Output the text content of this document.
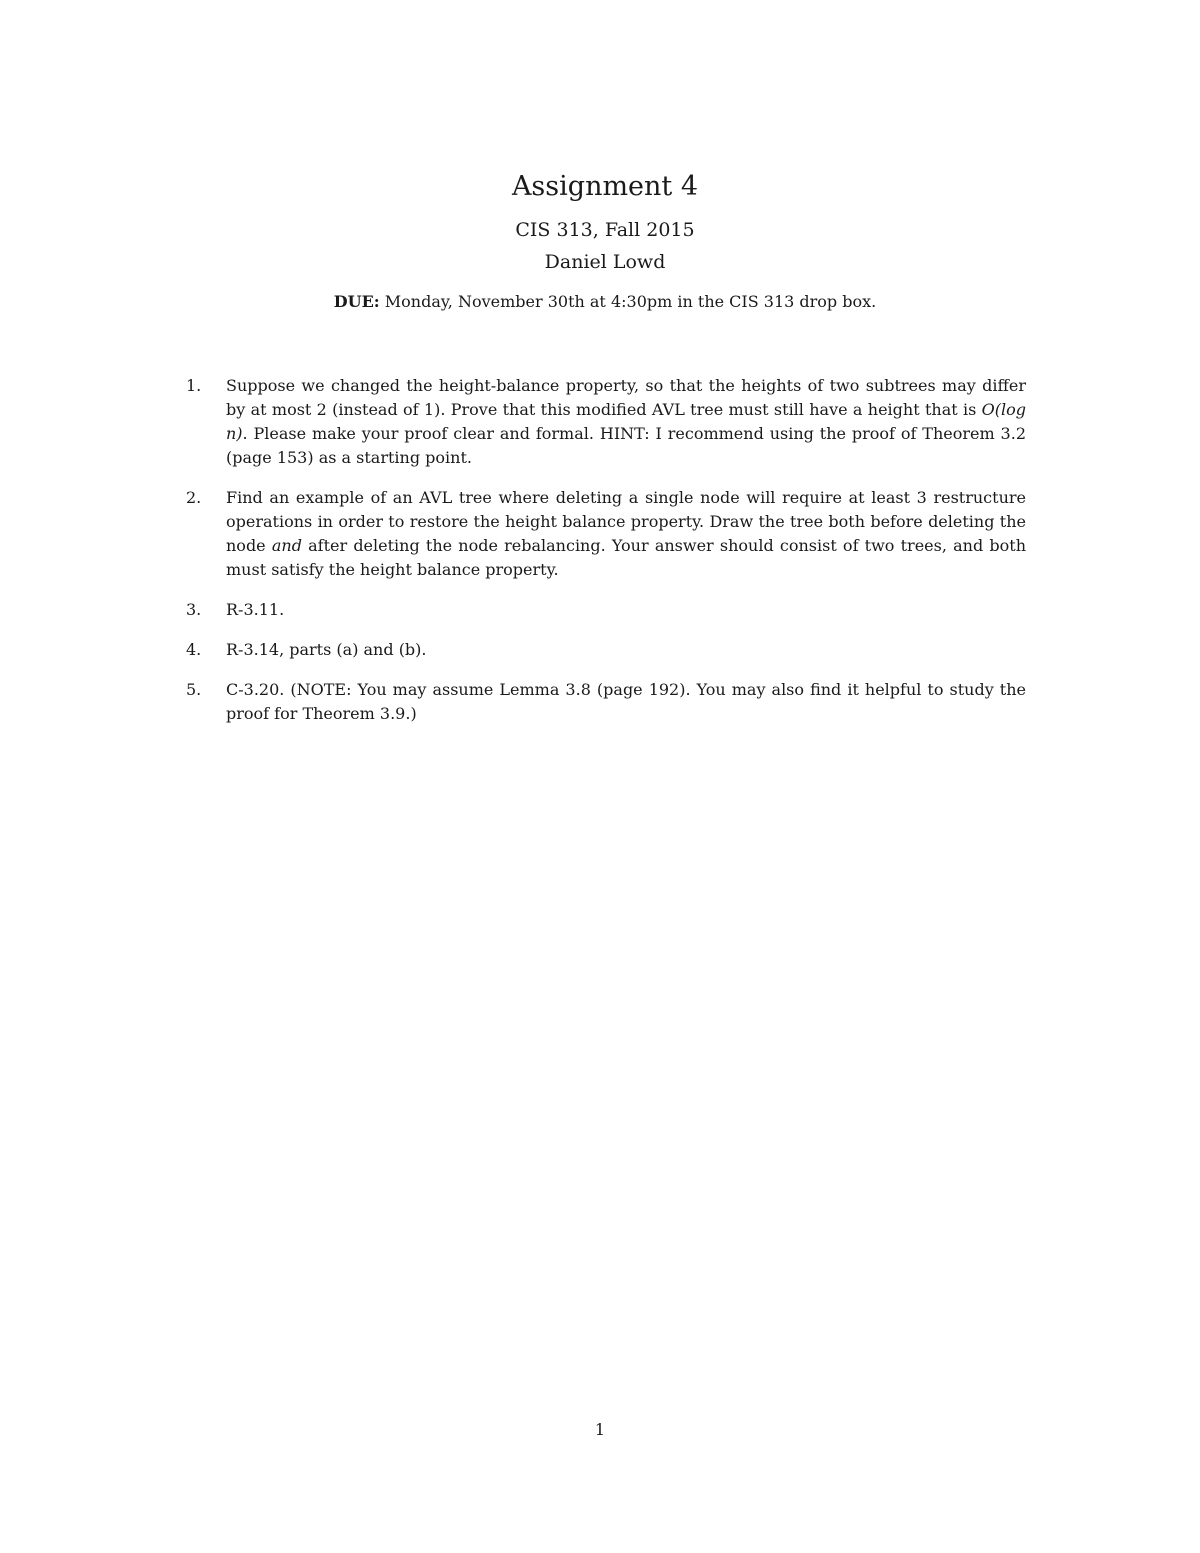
Assignment 4
CIS 313, Fall 2015
Daniel Lowd
DUE: Monday, November 30th at 4:30pm in the CIS 313 drop box.
1.	Suppose we changed the height-balance property, so that the heights of two subtrees may differ by at most 2 (instead of 1). Prove that this modified AVL tree must still have a height that is O(log n). Please make your proof clear and formal. HINT: I recommend using the proof of Theorem 3.2 (page 153) as a starting point.
2.	Find an example of an AVL tree where deleting a single node will require at least 3 restructure operations in order to restore the height balance property. Draw the tree both before deleting the node and after deleting the node rebalancing. Your answer should consist of two trees, and both must satisfy the height balance property.
3.	R-3.11.
4.	R-3.14, parts (a) and (b).
5.	C-3.20. (NOTE: You may assume Lemma 3.8 (page 192). You may also find it helpful to study the proof for Theorem 3.9.)
1
